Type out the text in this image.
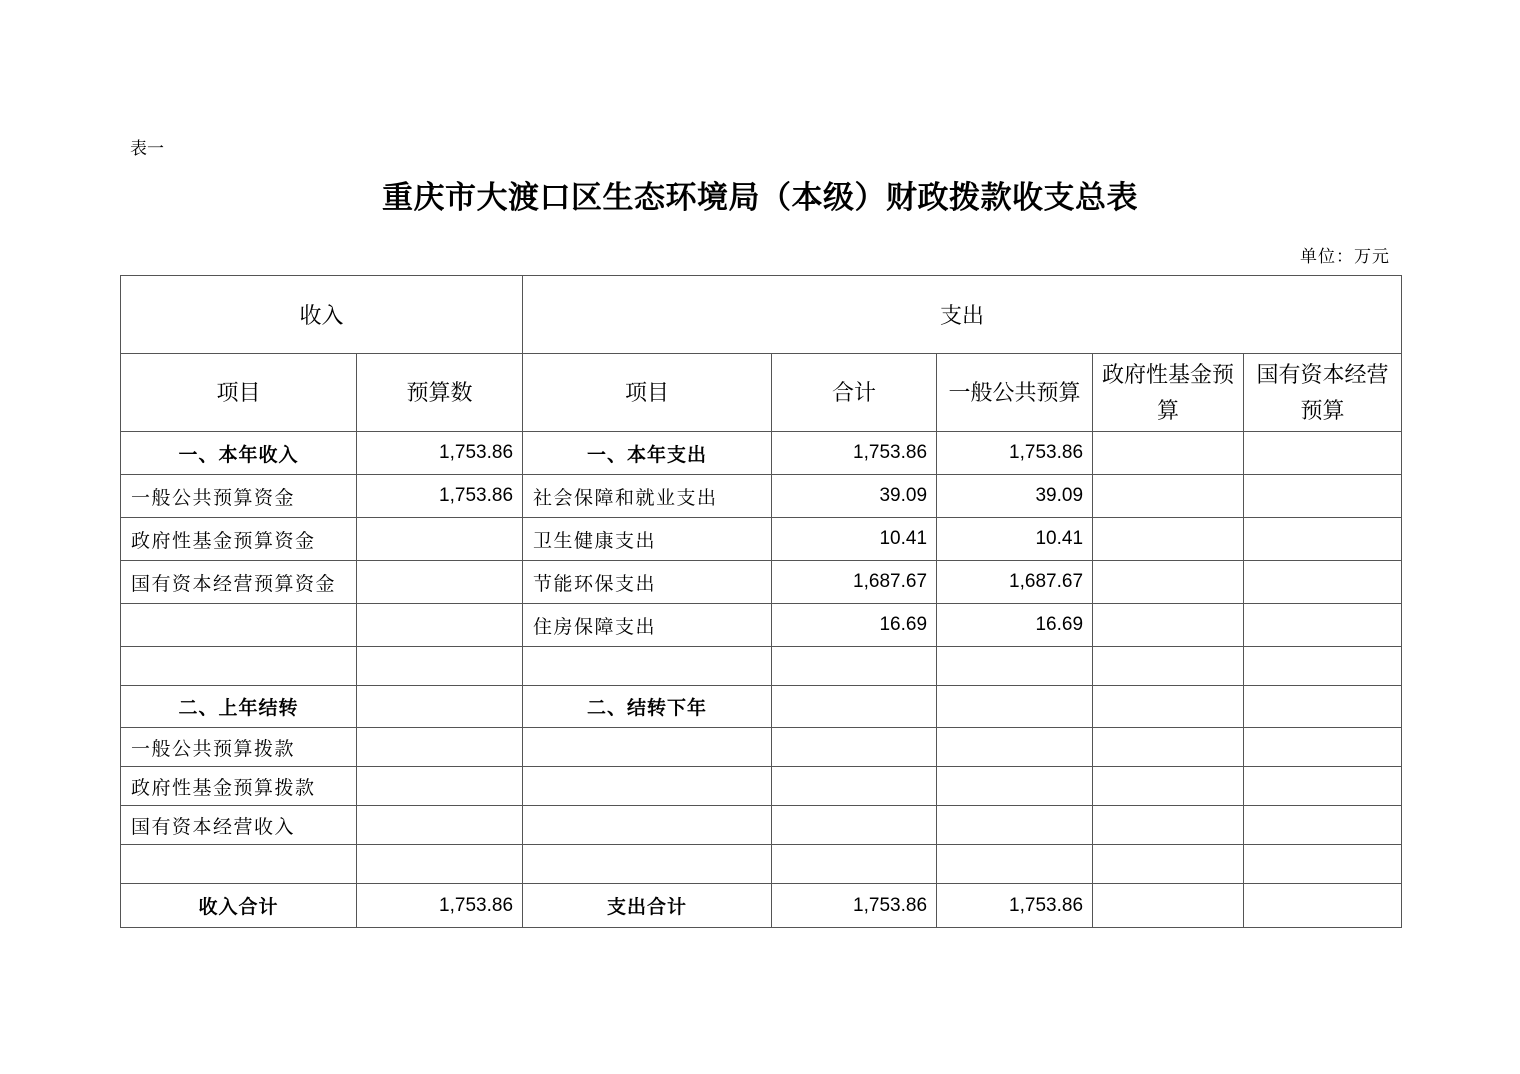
表一
重庆市大渡口区生态环境局（本级）财政拨款收支总表
单位：万元
收入		支出				
项目	预算数	项目	合计	一般公共预算	政府性基金预算	国有资本经营预算
一、本年收入	1,753.86	一、本年支出	1,753.86	1,753.86		
一般公共预算资金	1,753.86	社会保障和就业支出	39.09	39.09		
政府性基金预算资金		卫生健康支出	10.41	10.41		
国有资本经营预算资金		节能环保支出	1,687.67	1,687.67		
		住房保障支出	16.69	16.69		

二、上年结转		二、结转下年				
一般公共预算拨款						
政府性基金预算拨款						
国有资本经营收入						

收入合计	1,753.86	支出合计	1,753.86	1,753.86		
